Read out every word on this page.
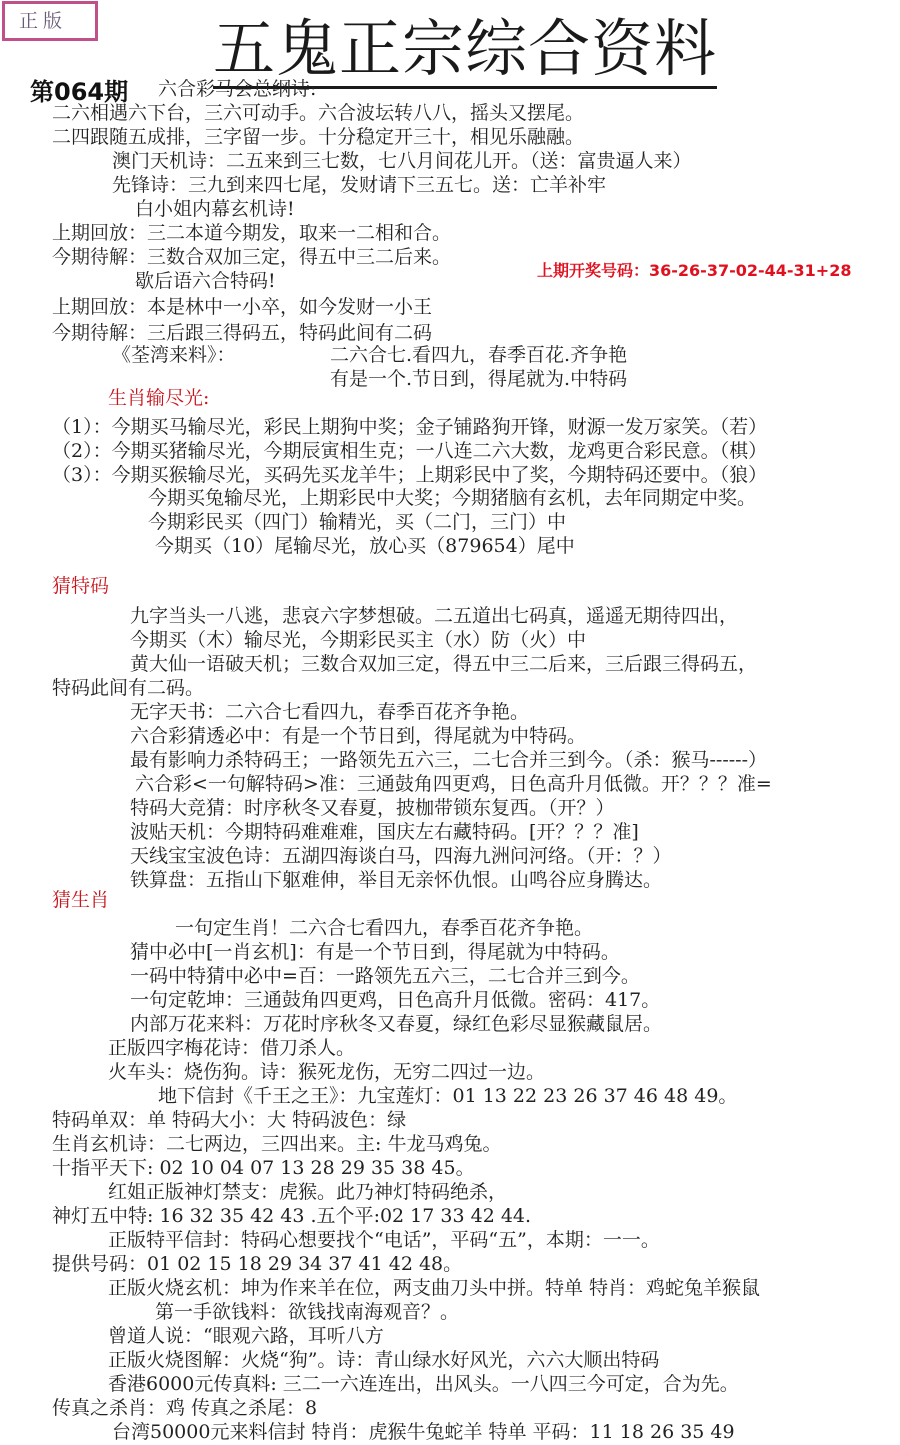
正版	五鬼正宗综合资料
第064期
上期开奖号码：36-26-37-02-44-31+28
六合彩马会总纲诗:
二六相遇六下台，三六可动手。六合波坛转八八，摇头又摆尾。
二四跟随五成排，三字留一步。十分稳定开三十，相见乐融融。
澳门天机诗：二五来到三七数，七八月间花儿开。（送：富贵逼人来）
先锋诗：三九到来四七尾，发财请下三五七。送：亡羊补牢
白小姐内幕玄机诗!
上期回放：三二本道今期发，取来一二相和合。
今期待解：三数合双加三定，得五中三二后来。
歇后语六合特码!
上期回放：本是林中一小卒，如今发财一小王
今期待解：三后跟三得码五，特码此间有二码
《荃湾来料》：	二六合七.看四九，春季百花.齐争艳
有是一个.节日到，得尾就为.中特码
生肖输尽光:
（1）：今期买马输尽光，彩民上期狗中奖；金子铺路狗开锋，财源一发万家笑。（若）
（2）：今期买猪输尽光，今期辰寅相生克；一八连二六大数，龙鸡更合彩民意。（棋）
（3）：今期买猴输尽光，买码先买龙羊牛；上期彩民中了奖，今期特码还要中。（狼）
今期买兔输尽光，上期彩民中大奖；今期猪脑有玄机，去年同期定中奖。
今期彩民买（四门）输精光，买（二门，三门）中
今期买（10）尾输尽光，放心买（879654）尾中
猜特码
九字当头一八逃，悲哀六字梦想破。二五道出七码真，遥遥无期待四出，
今期买（木）输尽光，今期彩民买主（水）防（火）中
黄大仙一语破天机；三数合双加三定，得五中三二后来，三后跟三得码五，
特码此间有二码。
无字天书：二六合七看四九，春季百花齐争艳。
六合彩猜透必中：有是一个节日到，得尾就为中特码。
最有影响力杀特码王；一路领先五六三，二七合并三到今。（杀：猴马------）
六合彩<一句解特码>准：三通鼓角四更鸡，日色高升月低微。开？？？准=
特码大竞猜：时序秋冬又春夏，披枷带锁东复西。（开？）
波贴天机：今期特码难难难，国庆左右藏特码。[开？？？准]
天线宝宝波色诗：五湖四海谈白马，四海九洲问河络。（开：？）
铁算盘：五指山下躯难伸，举目无亲怀仇恨。山鸣谷应身腾达。
猜生肖
一句定生肖！二六合七看四九，春季百花齐争艳。
猜中必中[一肖玄机]：有是一个节日到，得尾就为中特码。
一码中特猜中必中=百：一路领先五六三，二七合并三到今。
一句定乾坤：三通鼓角四更鸡，日色高升月低微。密码：417。
内部万花来料：万花时序秋冬又春夏，绿红色彩尽显猴藏鼠居。
正版四字梅花诗：借刀杀人。
火车头：烧伤狗。诗：猴死龙伤，无穷二四过一边。
地下信封《千王之王》：九宝莲灯：01 13 22 23 26 37 46 48 49。
特码单双：单 特码大小：大 特码波色：绿
生肖玄机诗：二七两边，三四出来。主: 牛龙马鸡兔。
十指平天下: 02 10 04 07 13 28 29 35 38 45。
红姐正版神灯禁支：虎猴。此乃神灯特码绝杀，
神灯五中特: 16 32 35 42 43 .五个平:02 17 33 42 44.
正版特平信封：特码心想要找个“电话”，平码“五”，本期：一一。
提供号码：01 02 15 18 29 34 37 41 42 48。
正版火烧玄机：坤为作来羊在位，两支曲刀头中拼。特单 特肖：鸡蛇兔羊猴鼠
第一手欲钱料：欲钱找南海观音？。
曾道人说：“眼观六路，耳听八方
正版火烧图解：火烧“狗”。诗：青山绿水好风光，六六大顺出特码
香港6000元传真料: 三二一六连连出，出风头。一八四三今可定，合为先。
传真之杀肖：鸡 传真之杀尾：8
台湾50000元来料信封 特肖：虎猴牛兔蛇羊 特单 平码：11 18 26 35 49
